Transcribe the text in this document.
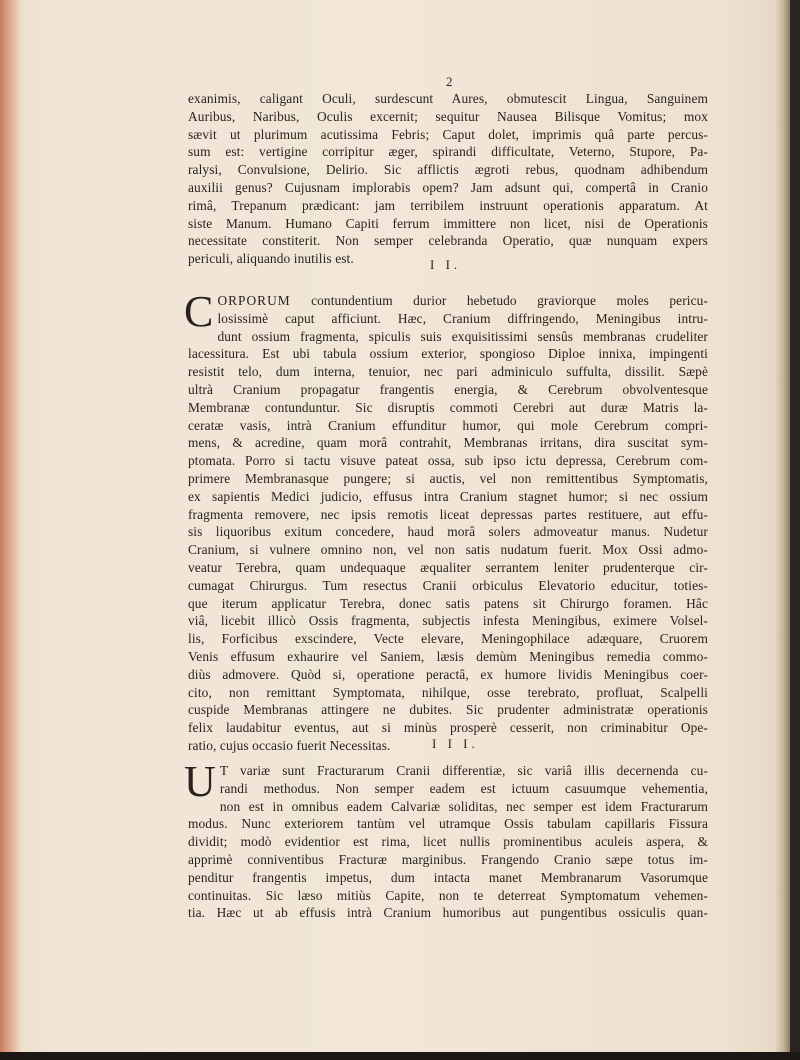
2
exanimis, caligant Oculi, surdescunt Aures, obmutescit Lingua, Sanguinem
Auribus, Naribus, Oculis excernit; sequitur Nausea Bilisque Vomitus; mox
sævit ut plurimum acutissima Febris; Caput dolet, imprimis quâ parte percus-
sum est: vertigine corripitur æger, spirandi difficultate, Veterno, Stupore, Pa-
ralysi, Convulsione, Delirio. Sic afflictis ægroti rebus, quodnam adhibendum
auxilii genus? Cujusnam implorabis opem? Jam adsunt qui, compertâ in Cranio
rimâ, Trepanum prædicant: jam terribilem instruunt operationis apparatum. At
siste Manum. Humano Capiti ferrum immittere non licet, nisi de Operationis
necessitate constiterit. Non semper celebranda Operatio, quæ nunquam expers
periculi, aliquando inutilis est.	I I.
C ORPORUM contundentium durior hebetudo graviorque moles pericu-
losissimè caput afficiunt. Hæc, Cranium diffringendo, Meningibus intru-
dunt ossium fragmenta, spiculis suis exquisitissimi sensûs membranas crudeliter
lacessitura. Est ubi tabula ossium exterior, spongioso Diploe innixa, impingenti
resistit telo, dum interna, tenuior, nec pari adminiculo suffulta, dissilit. Sæpè
ultrà Cranium propagatur frangentis energia, & Cerebrum obvolventesque
Membranæ contunduntur. Sic disruptis commoti Cerebri aut duræ Matris la-
ceratæ vasis, intrà Cranium effunditur humor, qui mole Cerebrum compri-
mens, & acredine, quam morâ contrahit, Membranas irritans, dira suscitat sym-
ptomata. Porro si tactu visuve pateat ossa, sub ipso ictu depressa, Cerebrum com-
primere Membranasque pungere; si auctis, vel non remittentibus Symptomatis,
ex sapientis Medici judicio, effusus intra Cranium stagnet humor; si nec ossium
fragmenta removere, nec ipsis remotis liceat depressas partes restituere, aut effu-
sis liquoribus exitum concedere, haud morâ solers admoveatur manus. Nudetur
Cranium, si vulnere omnino non, vel non satis nudatum fuerit. Mox Ossi admo-
veatur Terebra, quam undequaque æqualiter serrantem leniter prudenterque cir-
cumagat Chirurgus. Tum resectus Cranii orbiculus Elevatorio educitur, toties-
que iterum applicatur Terebra, donec satis patens sit Chirurgo foramen. Hâc
viâ, licebit illicò Ossis fragmenta, subjectis infesta Meningibus, eximere Volsel-
lis, Forficibus exscindere, Vecte elevare, Meningophilace adæquare, Cruorem
Venis effusum exhaurire vel Saniem, læsis demùm Meningibus remedia commo-
diùs admovere. Quòd si, operatione peractâ, ex humore lividis Meningibus coer-
cito, non remittant Symptomata, nihilque, osse terebrato, profluat, Scalpelli
cuspide Membranas attingere ne dubites. Sic prudenter administratæ operationis
felix laudabitur eventus, aut si minùs prosperè cesserit, non criminabitur Ope-
ratio, cujus occasio fuerit Necessitas.	I I I.
U T variæ sunt Fracturarum Cranii differentiæ, sic variâ illis decernenda cu-
randi methodus. Non semper eadem est ictuum casuumque vehementia,
non est in omnibus eadem Calvariæ soliditas, nec semper est idem Fracturarum
modus. Nunc exteriorem tantùm vel utramque Ossis tabulam capillaris Fissura
dividit; modò evidentior est rima, licet nullis prominentibus aculeis aspera, &
apprimè conniventibus Fracturæ marginibus. Frangendo Cranio sæpe totus im-
penditur frangentis impetus, dum intacta manet Membranarum Vasorumque
continuitas. Sic læso mitiùs Capite, non te deterreat Symptomatum vehemen-
tia. Hæc ut ab effusis intrà Cranium humoribus aut pungentibus ossiculis quan-
